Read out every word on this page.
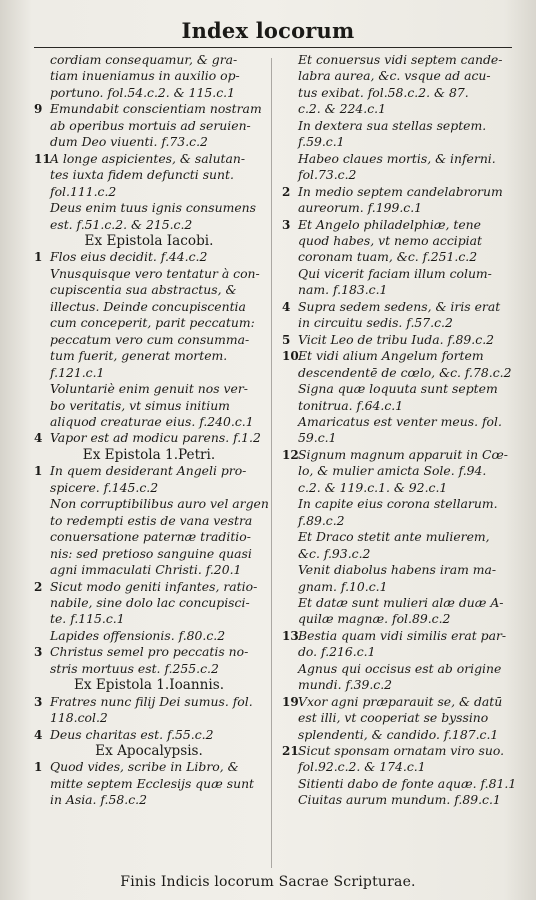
Index locorum
cordiam consequamur, & gra-
tiam inueniamus in auxilio op-
portuno. fol.54.c.2. & 115.c.1
9 Emundabit conscientiam nostram
ab operibus mortuis ad seruien-
dum Deo viuenti. f.73.c.2
11 A longe aspicientes, & salutan-
tes iuxta fidem defuncti sunt.
fol.111.c.2
Deus enim tuus ignis consumens
est. f.51.c.2. & 215.c.2
Ex Epistola Iacobi.
1 Flos eius decidit. f.44.c.2
Vnusquisque vero tentatur à con-
cupiscentia sua abstractus, &
illectus. Deinde concupiscentia
cum conceperit, parit peccatum:
peccatum vero cum consumma-
tum fuerit, generat mortem.
f.121.c.1
Voluntariè enim genuit nos ver-
bo veritatis, vt simus initium
aliquod creaturae eius. f.240.c.1
4 Vapor est ad modicu parens. f.1.2
Ex Epistola 1.Petri.
1 In quem desiderant Angeli pro-
spicere. f.145.c.2
Non corruptibilibus auro vel argen
to redempti estis de vana vestra
conuersatione paternæ traditio-
nis: sed pretioso sanguine quasi
agni immaculati Christi. f.20.1
2 Sicut modo geniti infantes, ratio-
nabile, sine dolo lac concupisci-
te. f.115.c.1
Lapides offensionis. f.80.c.2
3 Christus semel pro peccatis no-
stris mortuus est. f.255.c.2
Ex Epistola 1.Ioannis.
3 Fratres nunc filij Dei sumus. fol.
118.col.2
4 Deus charitas est. f.55.c.2
Ex Apocalypsis.
1 Quod vides, scribe in Libro, &
mitte septem Ecclesijs quæ sunt
in Asia. f.58.c.2
Et conuersus vidi septem cande-
labra aurea, &c. vsque ad acu-
tus exibat. fol.58.c.2. & 87.
c.2. & 224.c.1
In dextera sua stellas septem.
f.59.c.1
Habeo claues mortis, & inferni.
fol.73.c.2
2 In medio septem candelabrorum
aureorum. f.199.c.1
3 Et Angelo philadelphiæ, tene
quod habes, vt nemo accipiat
coronam tuam, &c. f.251.c.2
Qui vicerit faciam illum colum-
nam. f.183.c.1
4 Supra sedem sedens, & iris erat
in circuitu sedis. f.57.c.2
5 Vicit Leo de tribu Iuda. f.89.c.2
10 Et vidi alium Angelum fortem
descendentē de cœlo, &c. f.78.c.2
Signa quæ loquuta sunt septem
tonitrua. f.64.c.1
Amaricatus est venter meus. fol.
59.c.1
12 Signum magnum apparuit in Cœ-
lo, & mulier amicta Sole. f.94.
c.2. & 119.c.1. & 92.c.1
In capite eius corona stellarum.
f.89.c.2
Et Draco stetit ante mulierem,
&c. f.93.c.2
Venit diabolus habens iram ma-
gnam. f.10.c.1
Et datæ sunt mulieri alæ duæ A-
quilæ magnæ. fol.89.c.2
13 Bestia quam vidi similis erat par-
do. f.216.c.1
Agnus qui occisus est ab origine
mundi. f.39.c.2
19 Vxor agni præparauit se, & datū
est illi, vt cooperiat se byssino
splendenti, & candido. f.187.c.1
21 Sicut sponsam ornatam viro suo.
fol.92.c.2. & 174.c.1
Sitienti dabo de fonte aquæ. f.81.1
Ciuitas aurum mundum. f.89.c.1
Finis Indicis locorum Sacrae Scripturae.
